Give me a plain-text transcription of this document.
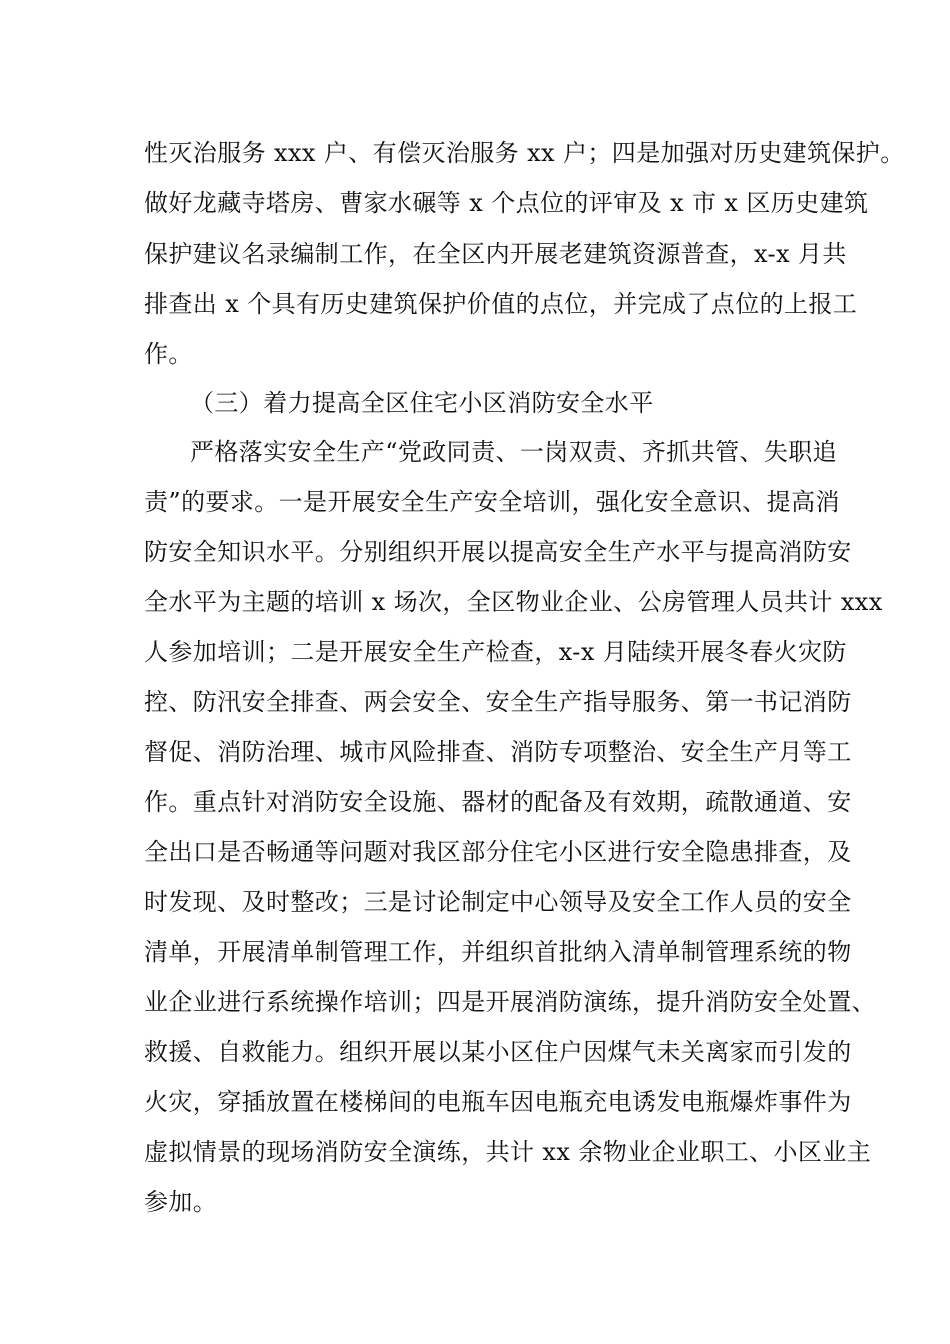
性灭治服务 xxx 户、有偿灭治服务 xx 户；四是加强对历史建筑保护。
做好龙藏寺塔房、曹家水碾等 x 个点位的评审及 x 市 x 区历史建筑
保护建议名录编制工作，在全区内开展老建筑资源普查，x-x 月共
排查出 x 个具有历史建筑保护价值的点位，并完成了点位的上报工
作。
（三）着力提高全区住宅小区消防安全水平
严格落实安全生产“党政同责、一岗双责、齐抓共管、失职追
责”的要求。一是开展安全生产安全培训，强化安全意识、提高消
防安全知识水平。分别组织开展以提高安全生产水平与提高消防安
全水平为主题的培训 x 场次，全区物业企业、公房管理人员共计 xxx
人参加培训；二是开展安全生产检查，x-x 月陆续开展冬春火灾防
控、防汛安全排查、两会安全、安全生产指导服务、第一书记消防
督促、消防治理、城市风险排查、消防专项整治、安全生产月等工
作。重点针对消防安全设施、器材的配备及有效期，疏散通道、安
全出口是否畅通等问题对我区部分住宅小区进行安全隐患排查，及
时发现、及时整改；三是讨论制定中心领导及安全工作人员的安全
清单，开展清单制管理工作，并组织首批纳入清单制管理系统的物
业企业进行系统操作培训；四是开展消防演练，提升消防安全处置、
救援、自救能力。组织开展以某小区住户因煤气未关离家而引发的
火灾，穿插放置在楼梯间的电瓶车因电瓶充电诱发电瓶爆炸事件为
虚拟情景的现场消防安全演练，共计 xx 余物业企业职工、小区业主
参加。
